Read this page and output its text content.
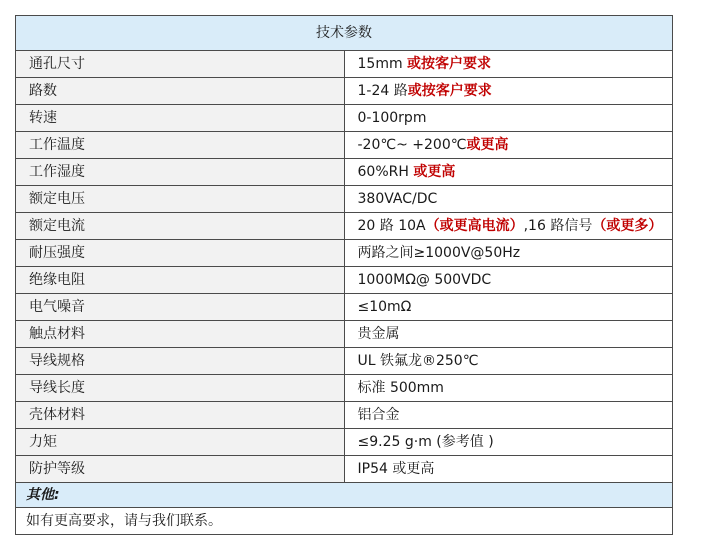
技术参数	
通孔尺寸	15mm 或按客户要求
路数	1-24 路或按客户要求
转速	0-100rpm
工作温度	-20℃~ +200℃或更高
工作湿度	60%RH 或更高
额定电压	380VAC/DC
额定电流	20 路 10A（或更高电流）,16 路信号（或更多）
耐压强度	两路之间≥1000V@50Hz
绝缘电阻	1000MΩ@ 500VDC
电气噪音	≤10mΩ
触点材料	贵金属
导线规格	UL 铁氟龙®250℃
导线长度	标准 500mm
壳体材料	铝合金
力矩	≤9.25 g·m (参考值 )
防护等级	IP54 或更高
其他:	
如有更高要求，请与我们联系。	
